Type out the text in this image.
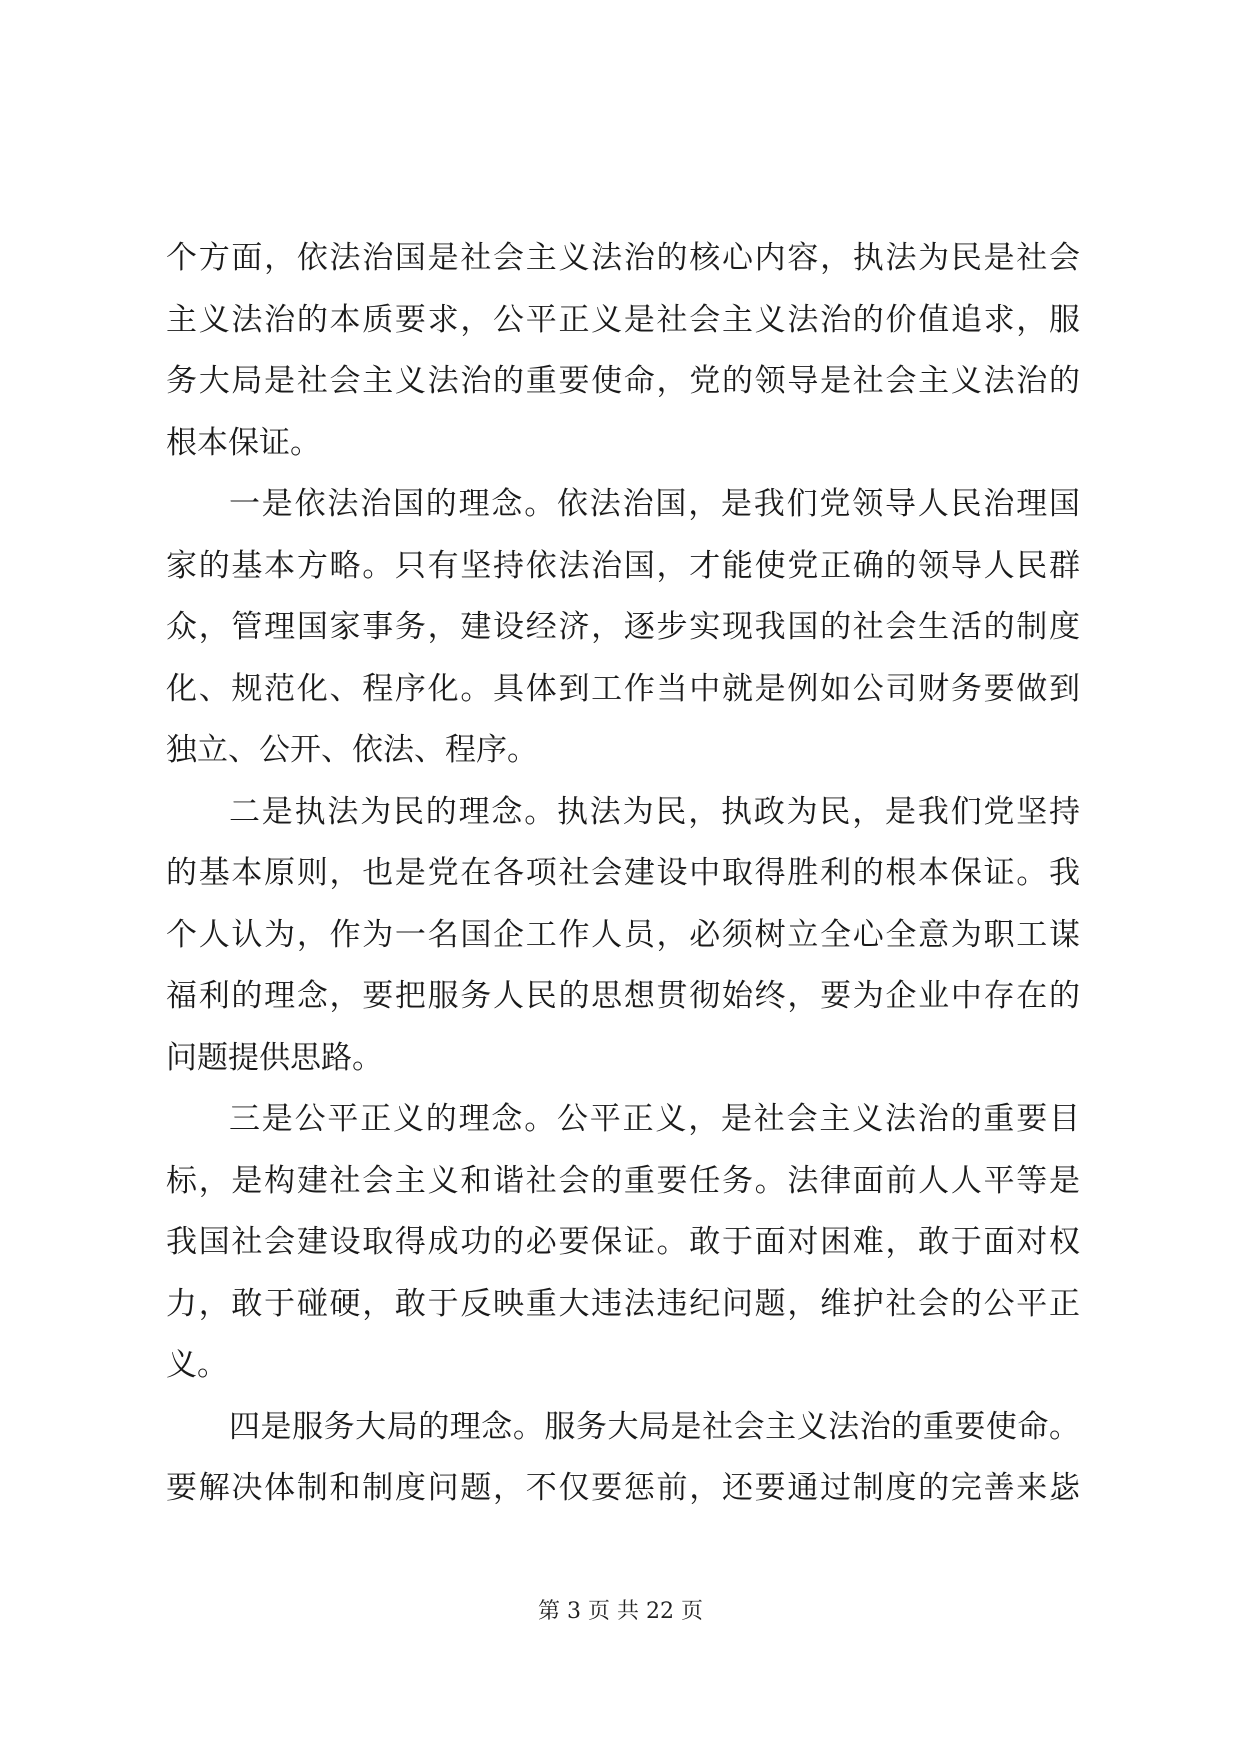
个方面，依法治国是社会主义法治的核心内容，执法为民是社会
主义法治的本质要求，公平正义是社会主义法治的价值追求，服
务大局是社会主义法治的重要使命，党的领导是社会主义法治的
根本保证。
一是依法治国的理念。依法治国，是我们党领导人民治理国
家的基本方略。只有坚持依法治国，才能使党正确的领导人民群
众，管理国家事务，建设经济，逐步实现我国的社会生活的制度
化、规范化、程序化。具体到工作当中就是例如公司财务要做到
独立、公开、依法、程序。
二是执法为民的理念。执法为民，执政为民，是我们党坚持
的基本原则，也是党在各项社会建设中取得胜利的根本保证。我
个人认为，作为一名国企工作人员，必须树立全心全意为职工谋
福利的理念，要把服务人民的思想贯彻始终，要为企业中存在的
问题提供思路。
三是公平正义的理念。公平正义，是社会主义法治的重要目
标，是构建社会主义和谐社会的重要任务。法律面前人人平等是
我国社会建设取得成功的必要保证。敢于面对困难，敢于面对权
力，敢于碰硬，敢于反映重大违法违纪问题，维护社会的公平正
义。
四是服务大局的理念。服务大局是社会主义法治的重要使命。
要解决体制和制度问题，不仅要惩前，还要通过制度的完善来毖
第 3 页 共 22 页
